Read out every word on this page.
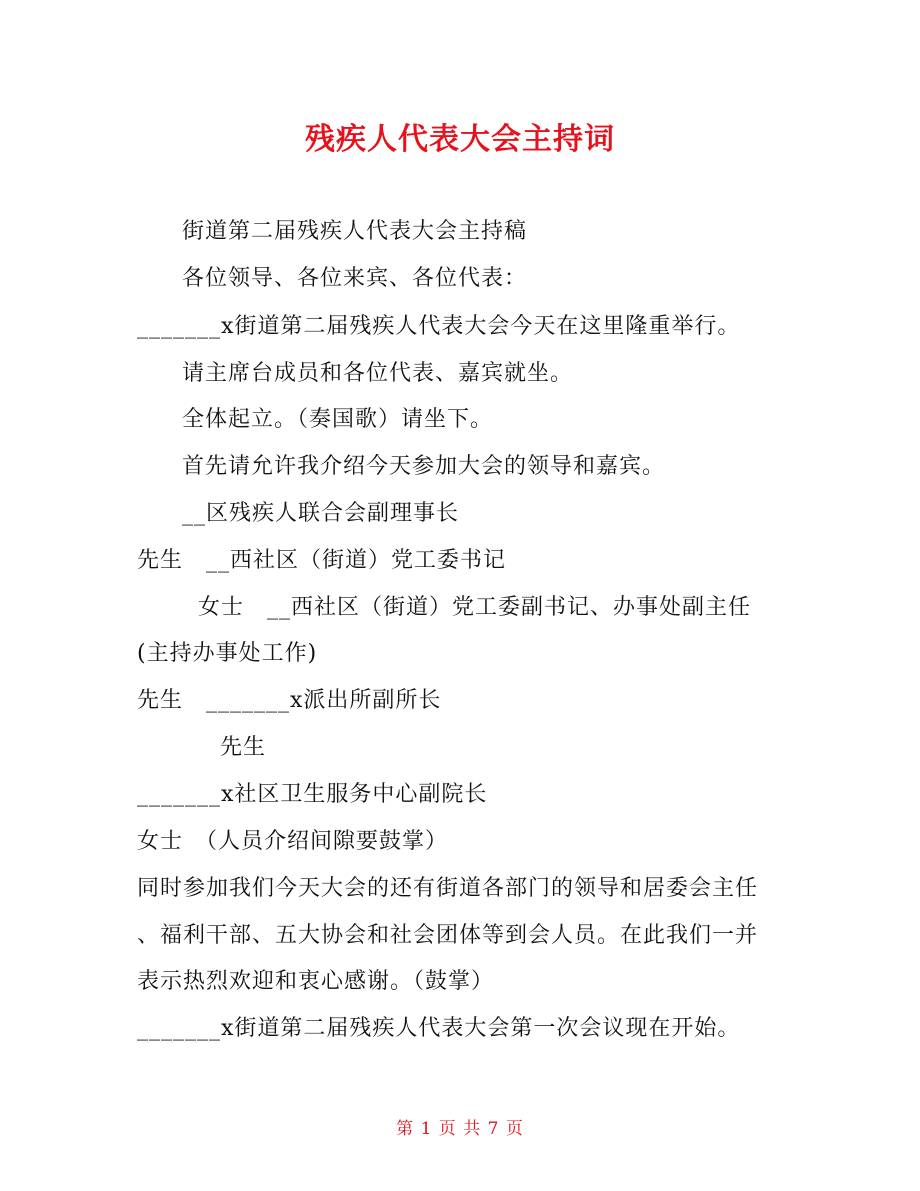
残疾人代表大会主持词
街道第二届残疾人代表大会主持稿
各位领导、各位来宾、各位代表：
_______x街道第二届残疾人代表大会今天在这里隆重举行。
请主席台成员和各位代表、嘉宾就坐。
全体起立。（奏国歌）请坐下。
首先请允许我介绍今天参加大会的领导和嘉宾。
__区残疾人联合会副理事长
先生　__西社区（街道）党工委书记
女士　__西社区（街道）党工委副书记、办事处副主任
(主持办事处工作)
先生　_______x派出所副所长
先生
_______x社区卫生服务中心副院长
女士　（人员介绍间隙要鼓掌）
同时参加我们今天大会的还有街道各部门的领导和居委会主任
、福利干部、五大协会和社会团体等到会人员。在此我们一并
表示热烈欢迎和衷心感谢。（鼓掌）
_______x街道第二届残疾人代表大会第一次会议现在开始。
第 1 页 共 7 页
